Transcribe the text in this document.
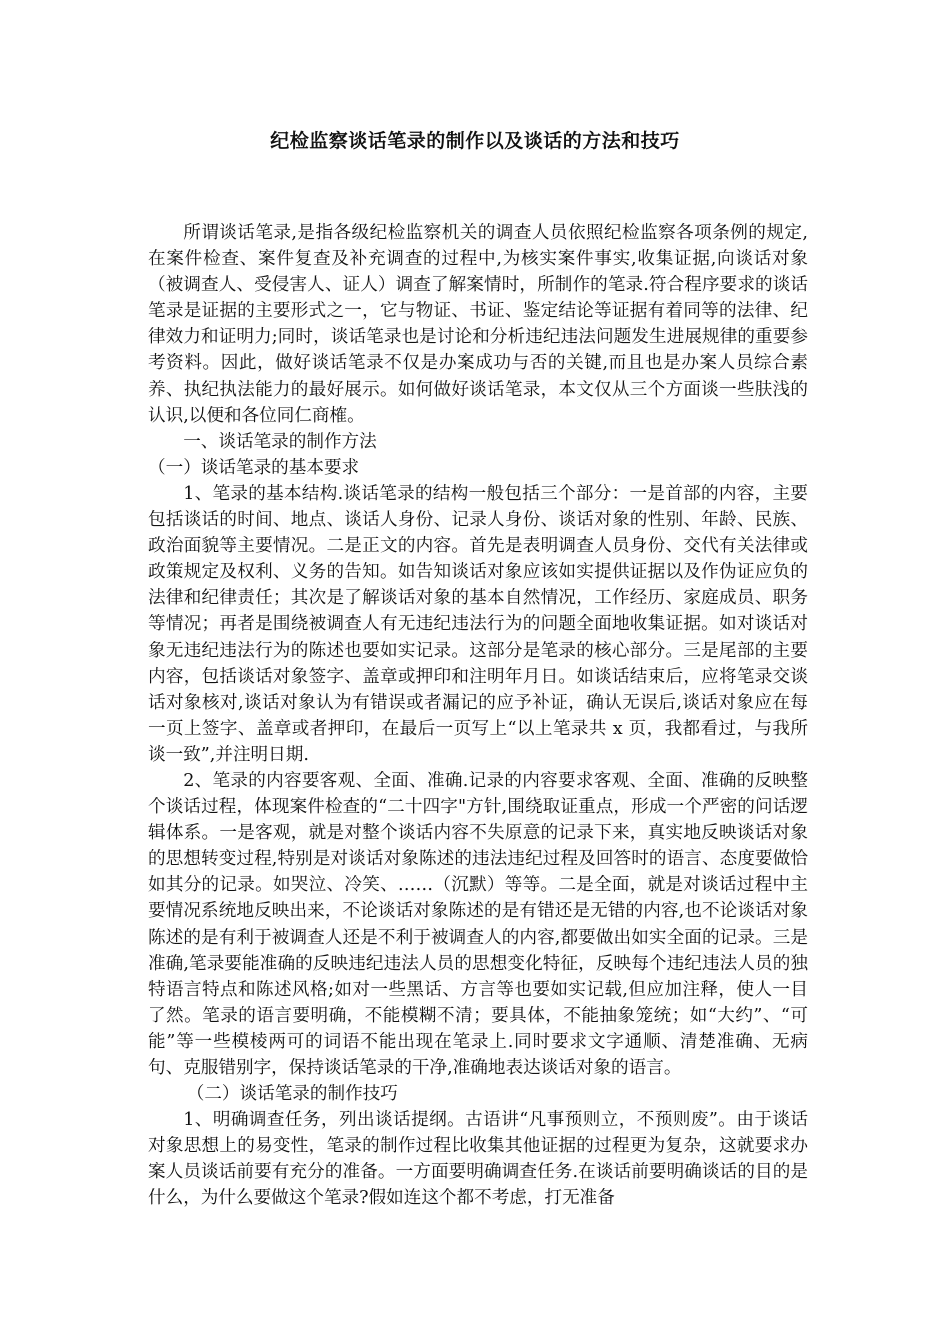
纪检监察谈话笔录的制作以及谈话的方法和技巧

所谓谈话笔录,是指各级纪检监察机关的调查人员依照纪检监察各项条例的规定,在案件检查、案件复查及补充调查的过程中,为核实案件事实,收集证据,向谈话对象（被调查人、受侵害人、证人）调查了解案情时，所制作的笔录.符合程序要求的谈话笔录是证据的主要形式之一，它与物证、书证、鉴定结论等证据有着同等的法律、纪律效力和证明力;同时，谈话笔录也是讨论和分析违纪违法问题发生进展规律的重要参考资料。因此，做好谈话笔录不仅是办案成功与否的关键,而且也是办案人员综合素养、执纪执法能力的最好展示。如何做好谈话笔录，本文仅从三个方面谈一些肤浅的认识,以便和各位同仁商榷。

一、谈话笔录的制作方法

（一）谈话笔录的基本要求

1、笔录的基本结构.谈话笔录的结构一般包括三个部分：一是首部的内容，主要包括谈话的时间、地点、谈话人身份、记录人身份、谈话对象的性别、年龄、民族、政治面貌等主要情况。二是正文的内容。首先是表明调查人员身份、交代有关法律或政策规定及权利、义务的告知。如告知谈话对象应该如实提供证据以及作伪证应负的法律和纪律责任；其次是了解谈话对象的基本自然情况，工作经历、家庭成员、职务等情况；再者是围绕被调查人有无违纪违法行为的问题全面地收集证据。如对谈话对象无违纪违法行为的陈述也要如实记录。这部分是笔录的核心部分。三是尾部的主要内容，包括谈话对象签字、盖章或押印和注明年月日。如谈话结束后，应将笔录交谈话对象核对,谈话对象认为有错误或者漏记的应予补证，确认无误后,谈话对象应在每一页上签字、盖章或者押印，在最后一页写上“以上笔录共 x 页，我都看过，与我所谈一致”,并注明日期.

2、笔录的内容要客观、全面、准确.记录的内容要求客观、全面、准确的反映整个谈话过程，体现案件检查的“二十四字"方针,围绕取证重点，形成一个严密的问话逻辑体系。一是客观，就是对整个谈话内容不失原意的记录下来，真实地反映谈话对象的思想转变过程,特别是对谈话对象陈述的违法违纪过程及回答时的语言、态度要做恰如其分的记录。如哭泣、冷笑、……（沉默）等等。二是全面，就是对谈话过程中主要情况系统地反映出来，不论谈话对象陈述的是有错还是无错的内容,也不论谈话对象陈述的是有利于被调查人还是不利于被调查人的内容,都要做出如实全面的记录。三是准确,笔录要能准确的反映违纪违法人员的思想变化特征，反映每个违纪违法人员的独特语言特点和陈述风格;如对一些黑话、方言等也要如实记载,但应加注释，使人一目了然。笔录的语言要明确，不能模糊不清；要具体，不能抽象笼统；如“大约”、“可能”等一些模棱两可的词语不能出现在笔录上.同时要求文字通顺、清楚准确、无病句、克服错别字，保持谈话笔录的干净,准确地表达谈话对象的语言。

（二）谈话笔录的制作技巧

1、明确调查任务，列出谈话提纲。古语讲“凡事预则立，不预则废”。由于谈话对象思想上的易变性，笔录的制作过程比收集其他证据的过程更为复杂，这就要求办案人员谈话前要有充分的准备。一方面要明确调查任务.在谈话前要明确谈话的目的是什么，为什么要做这个笔录?假如连这个都不考虑，打无准备
